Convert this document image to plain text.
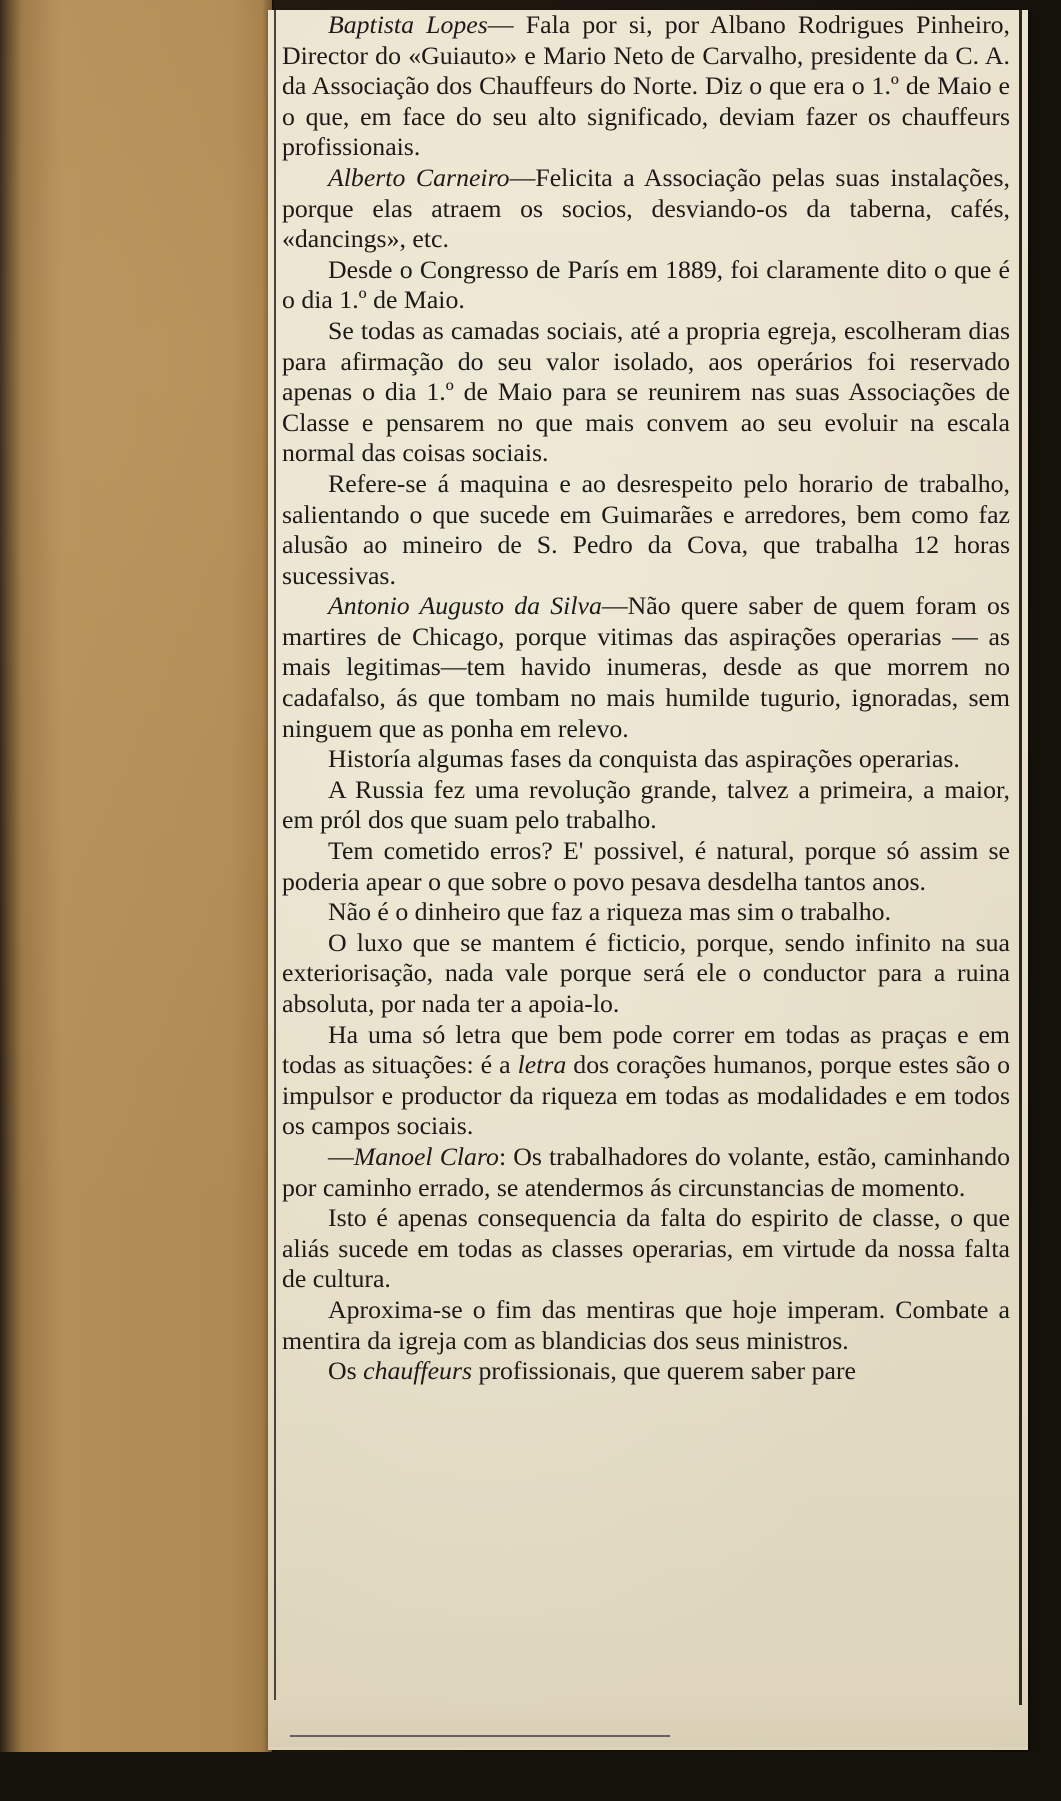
Baptista Lopes— Fala por si, por Albano Rodrigues Pinheiro, Director do «Guiauto» e Mario Neto de Carvalho, presidente da C. A. da Associação dos Chauffeurs do Norte. Diz o que era o 1.º de Maio e o que, em face do seu alto significado, deviam fazer os chauffeurs profissionais.

Alberto Carneiro—Felicita a Associação pelas suas instalações, porque elas atraem os socios, desviando-os da taberna, cafés, «dancings», etc.

Desde o Congresso de París em 1889, foi claramente dito o que é o dia 1.º de Maio.

Se todas as camadas sociais, até a propria egreja, escolheram dias para afirmação do seu valor isolado, aos operários foi reservado apenas o dia 1.º de Maio para se reunirem nas suas Associações de Classe e pensarem no que mais convem ao seu evoluir na escala normal das coisas sociais.

Refere-se á maquina e ao desrespeito pelo horario de trabalho, salientando o que sucede em Guimarães e arredores, bem como faz alusão ao mineiro de S. Pedro da Cova, que trabalha 12 horas sucessivas.

Antonio Augusto da Silva—Não quere saber de quem foram os martires de Chicago, porque vitimas das aspirações operarias — as mais legitimas—tem havido inumeras, desde as que morrem no cadafalso, ás que tombam no mais humilde tugurio, ignoradas, sem ninguem que as ponha em relevo.

Historía algumas fases da conquista das aspirações operarias.

A Russia fez uma revolução grande, talvez a primeira, a maior, em pról dos que suam pelo trabalho.

Tem cometido erros? E' possivel, é natural, porque só assim se poderia apear o que sobre o povo pesava desdelha tantos anos.

Não é o dinheiro que faz a riqueza mas sim o trabalho.

O luxo que se mantem é ficticio, porque, sendo infinito na sua exteriorisação, nada vale porque será ele o conductor para a ruina absoluta, por nada ter a apoia-lo.

Ha uma só letra que bem pode correr em todas as praças e em todas as situações: é a letra dos corações humanos, porque estes são o impulsor e productor da riqueza em todas as modalidades e em todos os campos sociais.

—Manoel Claro: Os trabalhadores do volante, estão, caminhando por caminho errado, se atendermos ás circunstancias de momento.

Isto é apenas consequencia da falta do espirito de classe, o que aliás sucede em todas as classes operarias, em virtude da nossa falta de cultura.

Aproxima-se o fim das mentiras que hoje imperam. Combate a mentira da igreja com as blandicias dos seus ministros.

Os chauffeurs profissionais, que querem saber pare
